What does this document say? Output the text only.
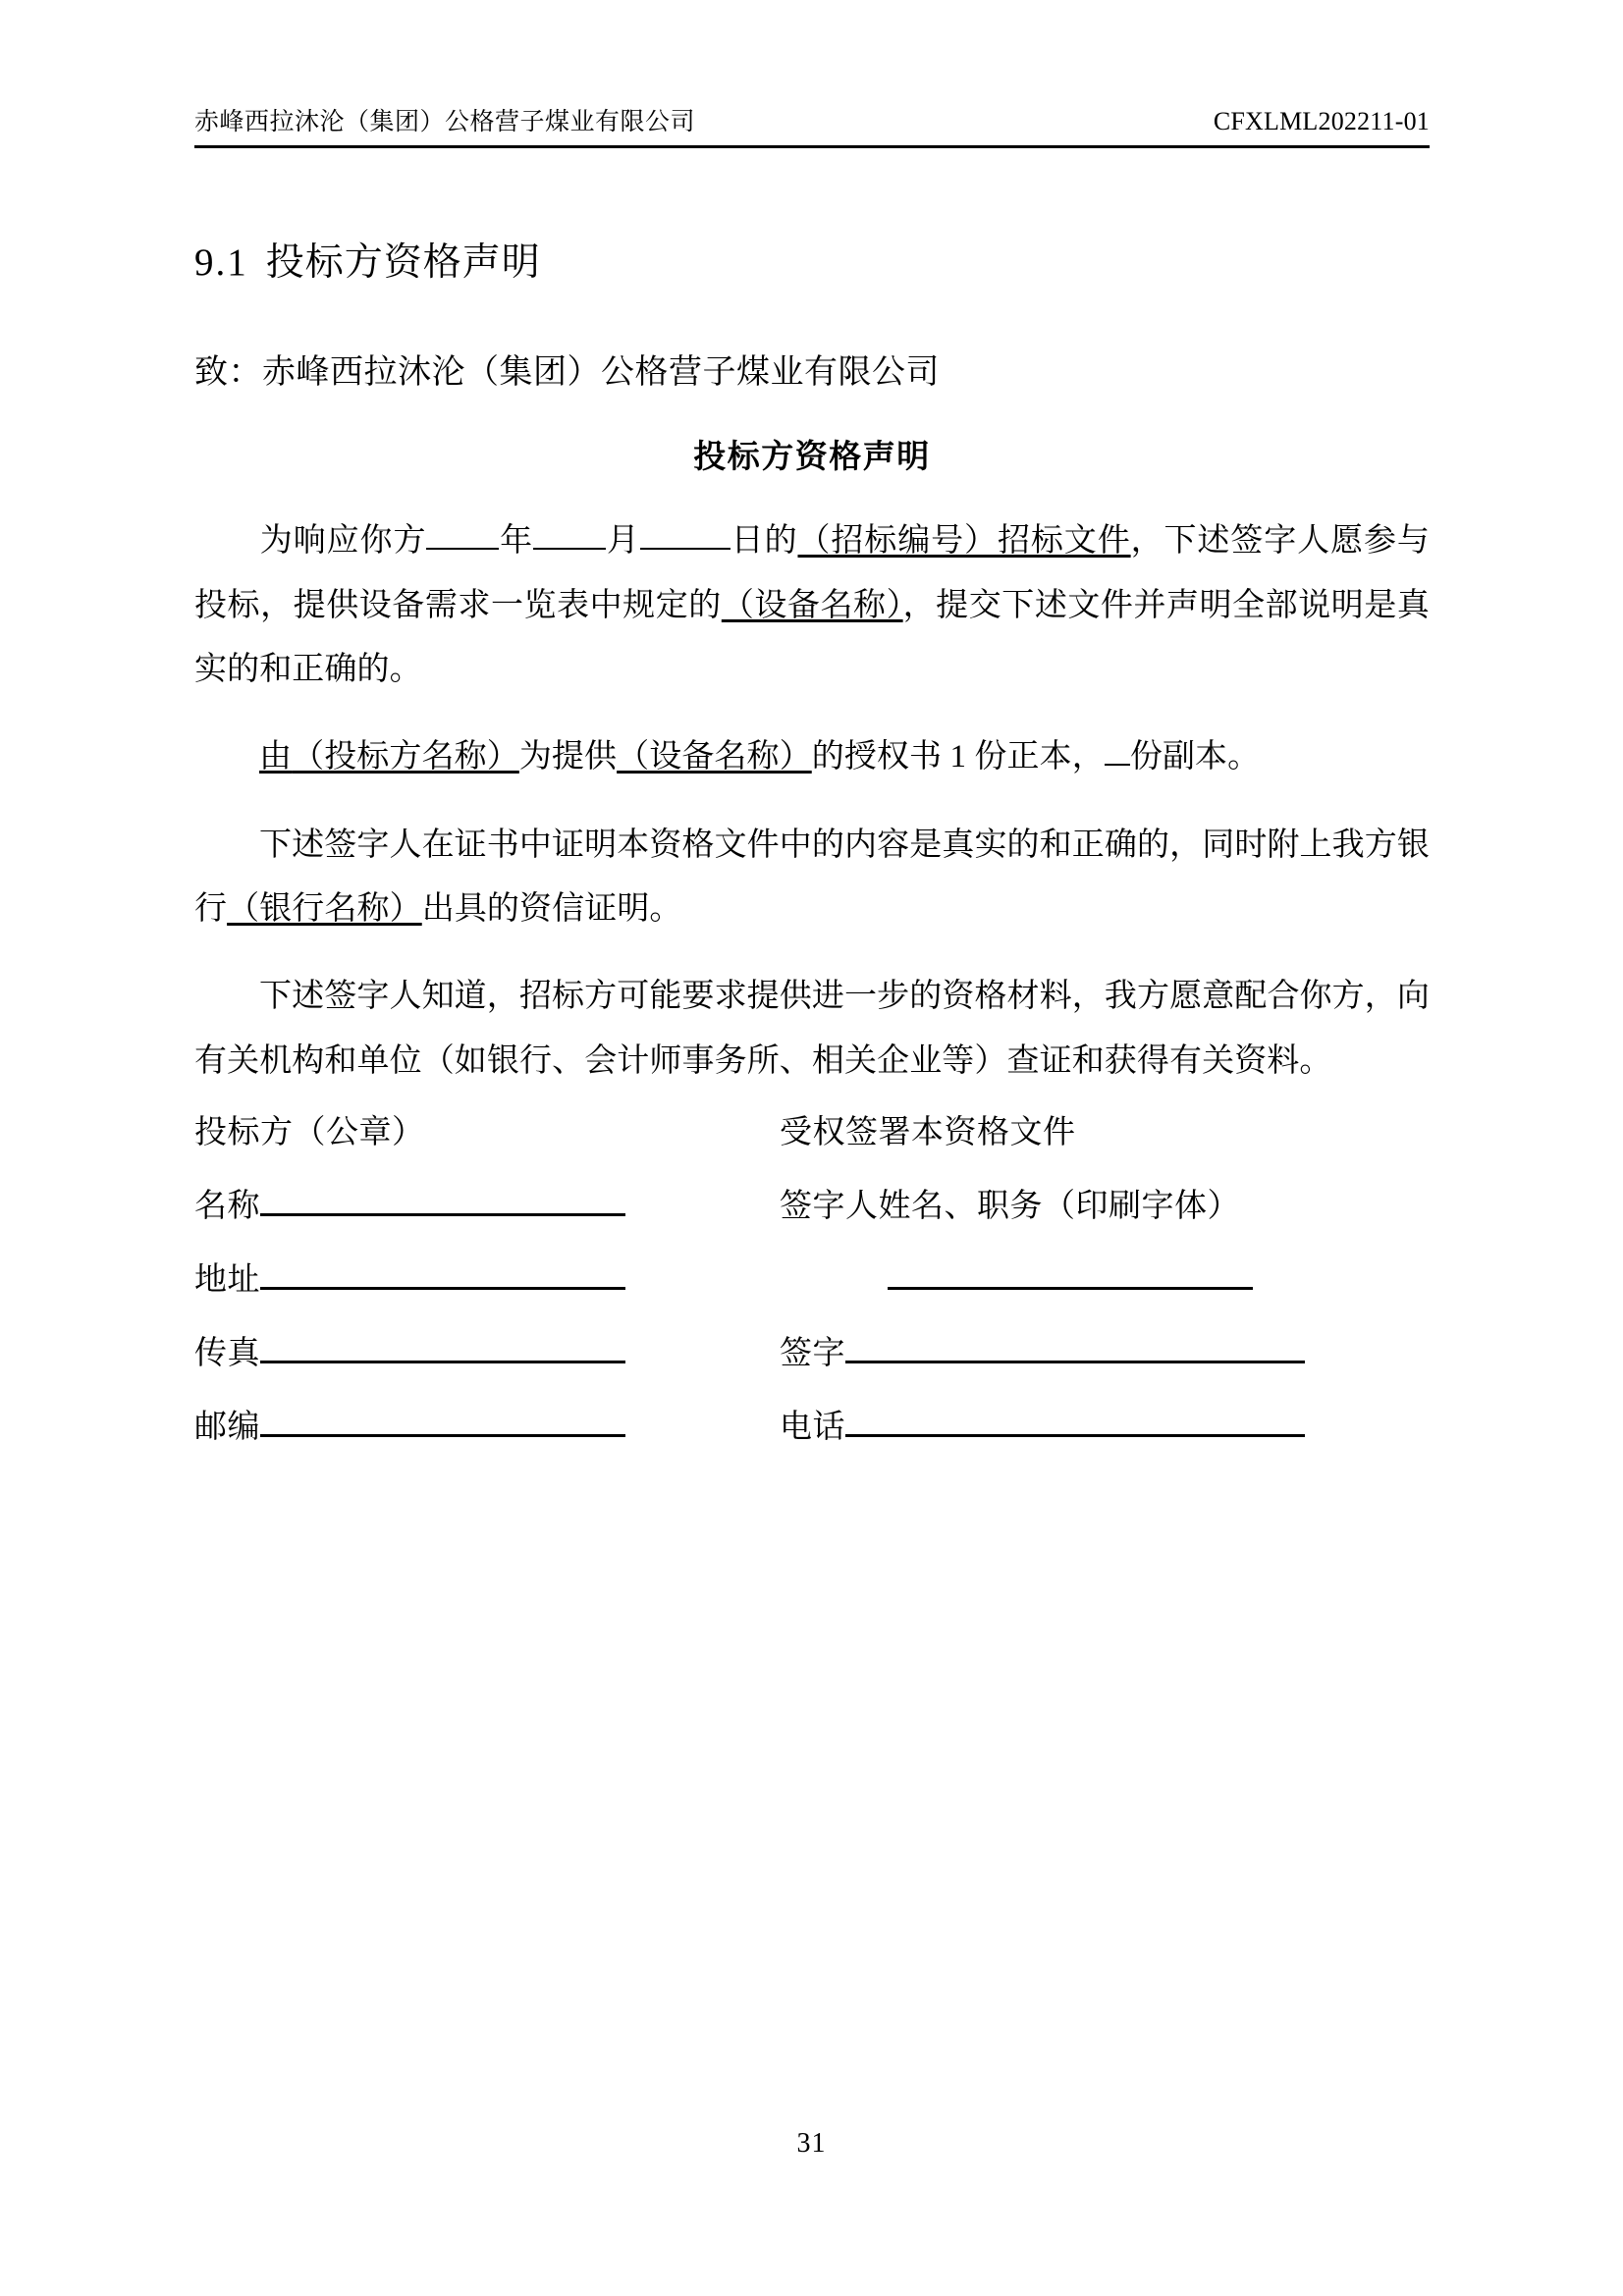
赤峰西拉沐沦（集团）公格营子煤业有限公司	CFXLML202211-01
9.1 投标方资格声明
致：赤峰西拉沐沦（集团）公格营子煤业有限公司
投标方资格声明
为响应你方 年 月	日的（招标编号）招标文件，下述签字人愿参与投标，提供设备需求一览表中规定的（设备名称），提交下述文件并声明全部说明是真实的和正确的。
由（投标方名称）为提供（设备名称）的授权书 1 份正本， 份副本。
下述签字人在证书中证明本资格文件中的内容是真实的和正确的，同时附上我方银行（银行名称）出具的资信证明。
下述签字人知道，招标方可能要求提供进一步的资格材料，我方愿意配合你方，向有关机构和单位（如银行、会计师事务所、相关企业等）查证和获得有关资料。
投标方（公章）	受权签署本资格文件
名称	签字人姓名、职务（印刷字体）
地址
传真	签字
邮编	电话
31
